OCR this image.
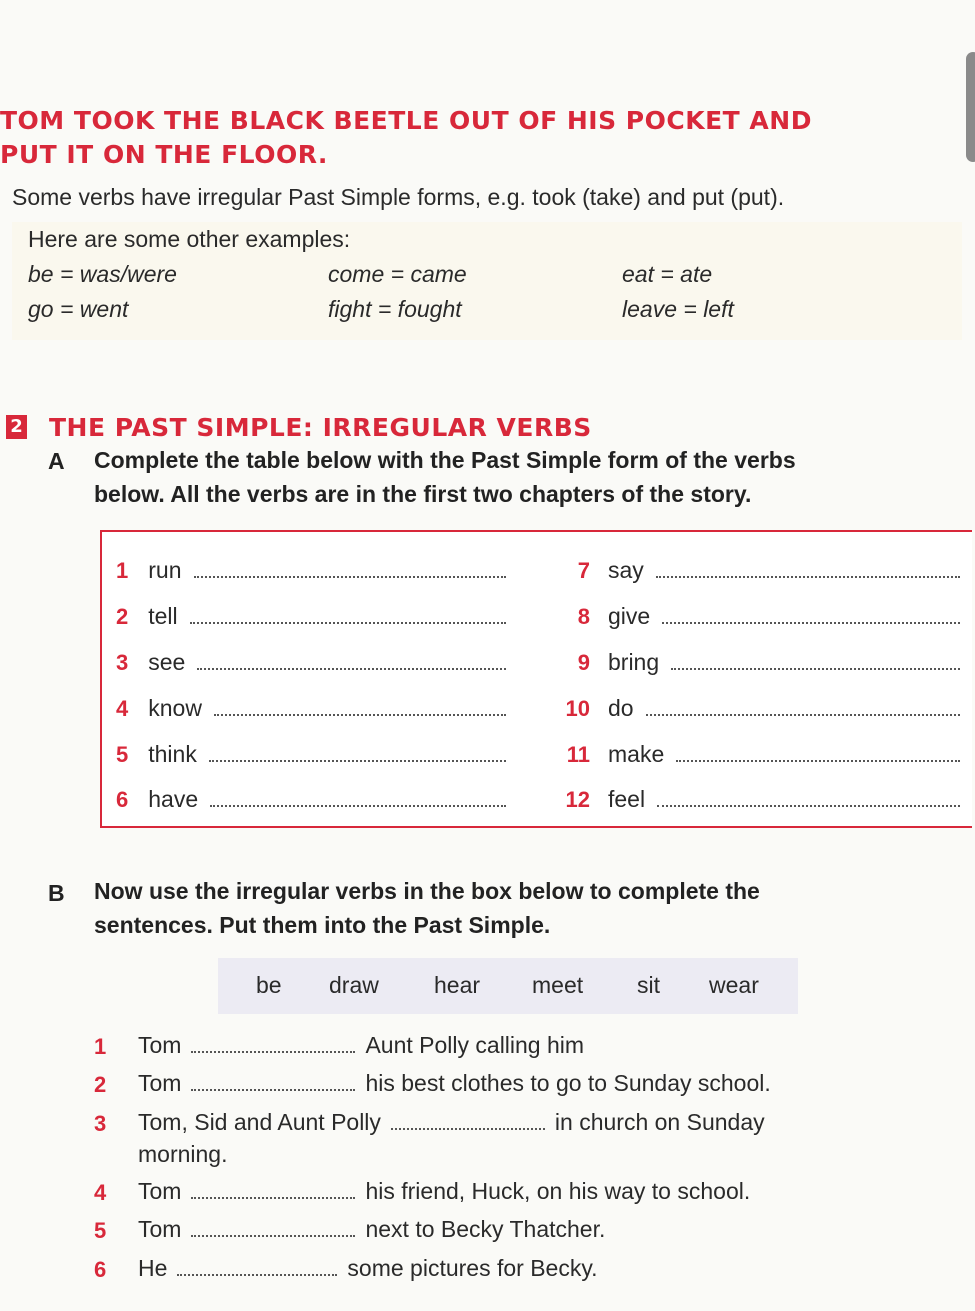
TOM TOOK THE BLACK BEETLE OUT OF HIS POCKET AND
PUT IT ON THE FLOOR.
Some verbs have irregular Past Simple forms, e.g. took (take) and put (put).
Here are some other examples:
be = was/were	come = came	eat = ate
go = went	fight = fought	leave = left
2 THE PAST SIMPLE: IRREGULAR VERBS
A Complete the table below with the Past Simple form of the verbs
below. All the verbs are in the first two chapters of the story.
1 run
2 tell
3 see
4 know
5 think
6 have
7 say
8 give
9 bring
10 do
11 make
12 feel
B Now use the irregular verbs in the box below to complete the
sentences. Put them into the Past Simple.
be draw hear meet sit wear
1 Tom	Aunt Polly calling him
2 Tom	his best clothes to go to Sunday school.
3 Tom, Sid and Aunt Polly	in church on Sunday
morning.
4 Tom	his friend, Huck, on his way to school.
5 Tom	next to Becky Thatcher.
6 He	some pictures for Becky.
